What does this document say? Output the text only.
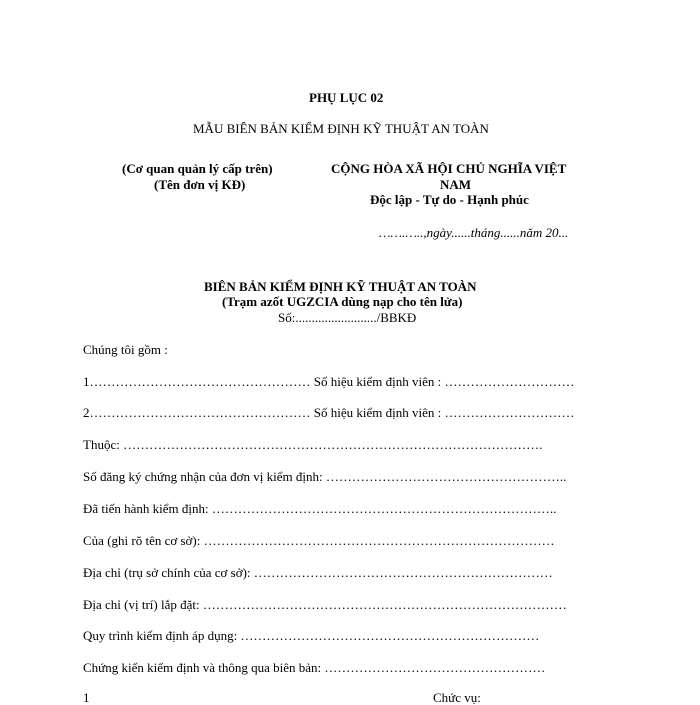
PHỤ LỤC 02
MẪU BIÊN BẢN KIỂM ĐỊNH KỸ THUẬT AN TOÀN
(Cơ quan quản lý cấp trên)
(Tên đơn vị KĐ)
CỘNG HÒA XÃ HỘI CHỦ NGHĨA VIỆT
NAM
Độc lập - Tự do - Hạnh phúc
…….…..,ngày......tháng......năm 20...
BIÊN BẢN KIỂM ĐỊNH KỸ THUẬT AN TOÀN
(Trạm azốt UGZCIA dùng nạp cho tên lửa)
Số:........................./BBKĐ
Chúng tôi gồm :
1…………………………………………… Số hiệu kiểm định viên : …………………………
2…………………………………………… Số hiệu kiểm định viên : …………………………
Thuộc: …………………………………………………………………………………….
Số đăng ký chứng nhận của đơn vị kiểm định: ………………………………………………..
Đã tiến hành kiểm định: ……………………………………………………………………..
Của (ghi rõ tên cơ sở): ………………………………………………………………………
Địa chỉ (trụ sở chính của cơ sở): ……………………………………………………………
Địa chỉ (vị trí) lắp đặt: …………………………………………………………………………
Quy trình kiểm định áp dụng: ……………………………………………………………
Chứng kiến kiểm định và thông qua biên bản: ……………………………………………
1	Chức vụ:
